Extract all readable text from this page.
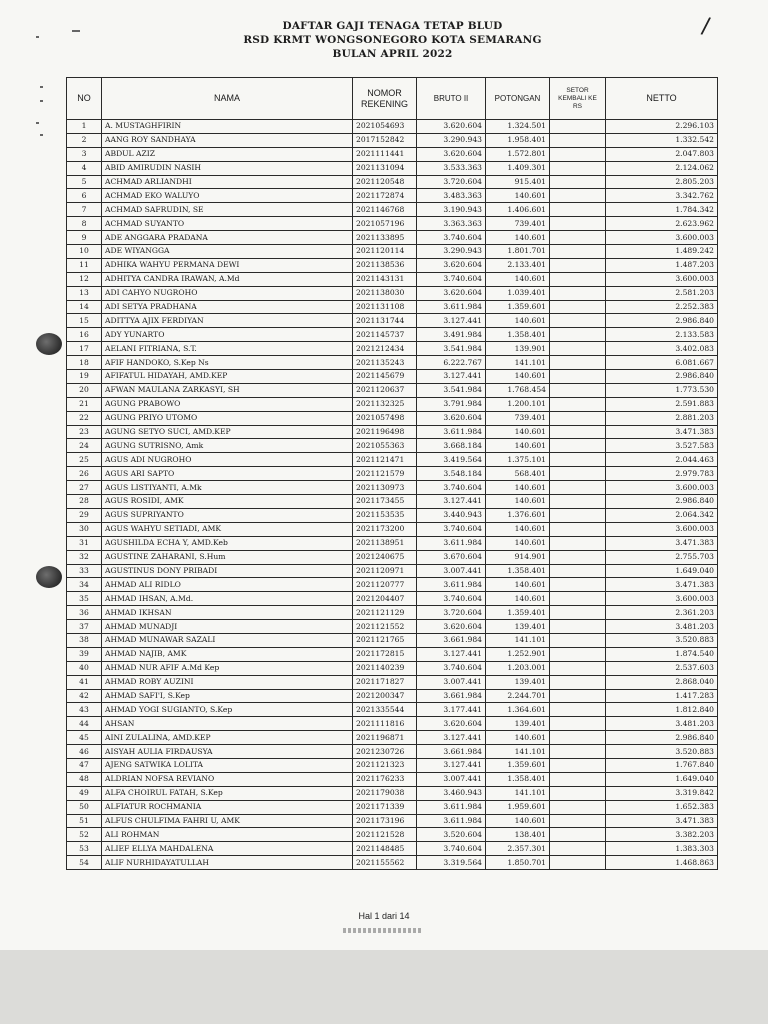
DAFTAR GAJI TENAGA TETAP BLUD
RSD KRMT WONGSONEGORO KOTA SEMARANG
BULAN APRIL 2022
/
NO	NAMA	NOMOR REKENING	BRUTO II	POTONGAN	SETOR KEMBALI KE RS	NETTO
1	A. MUSTAGHFIRIN	2021054693	3.620.604	1.324.501		2.296.103
2	AANG ROY SANDHAYA	2017152842	3.290.943	1.958.401		1.332.542
3	ABDUL AZIZ	2021111441	3.620.604	1.572.801		2.047.803
4	ABID AMIRUDIN NASIH	2021131094	3.533.363	1.409.301		2.124.062
5	ACHMAD ARLIANDHI	2021120548	3.720.604	915.401		2.805.203
6	ACHMAD EKO WALUYO	2021172874	3.483.363	140.601		3.342.762
7	ACHMAD SAFRUDIN, SE	2021146768	3.190.943	1.406.601		1.784.342
8	ACHMAD SUYANTO	2021057196	3.363.363	739.401		2.623.962
9	ADE ANGGARA PRADANA	2021133895	3.740.604	140.601		3.600.003
10	ADE WIYANGGA	2021120114	3.290.943	1.801.701		1.489.242
11	ADHIKA WAHYU PERMANA DEWI	2021138536	3.620.604	2.133.401		1.487.203
12	ADHITYA CANDRA IRAWAN, A.Md	2021143131	3.740.604	140.601		3.600.003
13	ADI CAHYO NUGROHO	2021138030	3.620.604	1.039.401		2.581.203
14	ADI SETYA PRADHANA	2021131108	3.611.984	1.359.601		2.252.383
15	ADITTYA AJIX FERDIYAN	2021131744	3.127.441	140.601		2.986.840
16	ADY YUNARTO	2021145737	3.491.984	1.358.401		2.133.583
17	AELANI FITRIANA, S.T.	2021212434	3.541.984	139.901		3.402.083
18	AFIF HANDOKO, S.Kep Ns	2021135243	6.222.767	141.101		6.081.667
19	AFIFATUL HIDAYAH, AMD.KEP	2021145679	3.127.441	140.601		2.986.840
20	AFWAN MAULANA ZARKASYI, SH	2021120637	3.541.984	1.768.454		1.773.530
21	AGUNG PRABOWO	2021132325	3.791.984	1.200.101		2.591.883
22	AGUNG PRIYO UTOMO	2021057498	3.620.604	739.401		2.881.203
23	AGUNG SETYO SUCI, AMD.KEP	2021196498	3.611.984	140.601		3.471.383
24	AGUNG SUTRISNO, Amk	2021055363	3.668.184	140.601		3.527.583
25	AGUS ADI NUGROHO	2021121471	3.419.564	1.375.101		2.044.463
26	AGUS ARI SAPTO	2021121579	3.548.184	568.401		2.979.783
27	AGUS LISTIYANTI, A.Mk	2021130973	3.740.604	140.601		3.600.003
28	AGUS ROSIDI, AMK	2021173455	3.127.441	140.601		2.986.840
29	AGUS SUPRIYANTO	2021153535	3.440.943	1.376.601		2.064.342
30	AGUS WAHYU SETIADI, AMK	2021173200	3.740.604	140.601		3.600.003
31	AGUSHILDA ECHA Y, AMD.Keb	2021138951	3.611.984	140.601		3.471.383
32	AGUSTINE ZAHARANI, S.Hum	2021240675	3.670.604	914.901		2.755.703
33	AGUSTINUS DONY PRIBADI	2021120971	3.007.441	1.358.401		1.649.040
34	AHMAD ALI RIDLO	2021120777	3.611.984	140.601		3.471.383
35	AHMAD IHSAN, A.Md.	2021204407	3.740.604	140.601		3.600.003
36	AHMAD IKHSAN	2021121129	3.720.604	1.359.401		2.361.203
37	AHMAD MUNADJI	2021121552	3.620.604	139.401		3.481.203
38	AHMAD MUNAWAR SAZALI	2021121765	3.661.984	141.101		3.520.883
39	AHMAD NAJIB, AMK	2021172815	3.127.441	1.252.901		1.874.540
40	AHMAD NUR AFIF A.Md Kep	2021140239	3.740.604	1.203.001		2.537.603
41	AHMAD ROBY AUZINI	2021171827	3.007.441	139.401		2.868.040
42	AHMAD SAFI'I, S.Kep	2021200347	3.661.984	2.244.701		1.417.283
43	AHMAD YOGI SUGIANTO, S.Kep	2021335544	3.177.441	1.364.601		1.812.840
44	AHSAN	2021111816	3.620.604	139.401		3.481.203
45	AINI ZULALINA, AMD.KEP	2021196871	3.127.441	140.601		2.986.840
46	AISYAH AULIA FIRDAUSYA	2021230726	3.661.984	141.101		3.520.883
47	AJENG SATWIKA LOLITA	2021121323	3.127.441	1.359.601		1.767.840
48	ALDRIAN NOFSA REVIANO	2021176233	3.007.441	1.358.401		1.649.040
49	ALFA CHOIRUL FATAH, S.Kep	2021179038	3.460.943	141.101		3.319.842
50	ALFIATUR ROCHMANIA	2021171339	3.611.984	1.959.601		1.652.383
51	ALFUS CHULFIMA FAHRI U, AMK	2021173196	3.611.984	140.601		3.471.383
52	ALI ROHMAN	2021121528	3.520.604	138.401		3.382.203
53	ALIEF ELLYA MAHDALENA	2021148485	3.740.604	2.357.301		1.383.303
54	ALIF NURHIDAYATULLAH	2021155562	3.319.564	1.850.701		1.468.863
Hal 1 dari 14
